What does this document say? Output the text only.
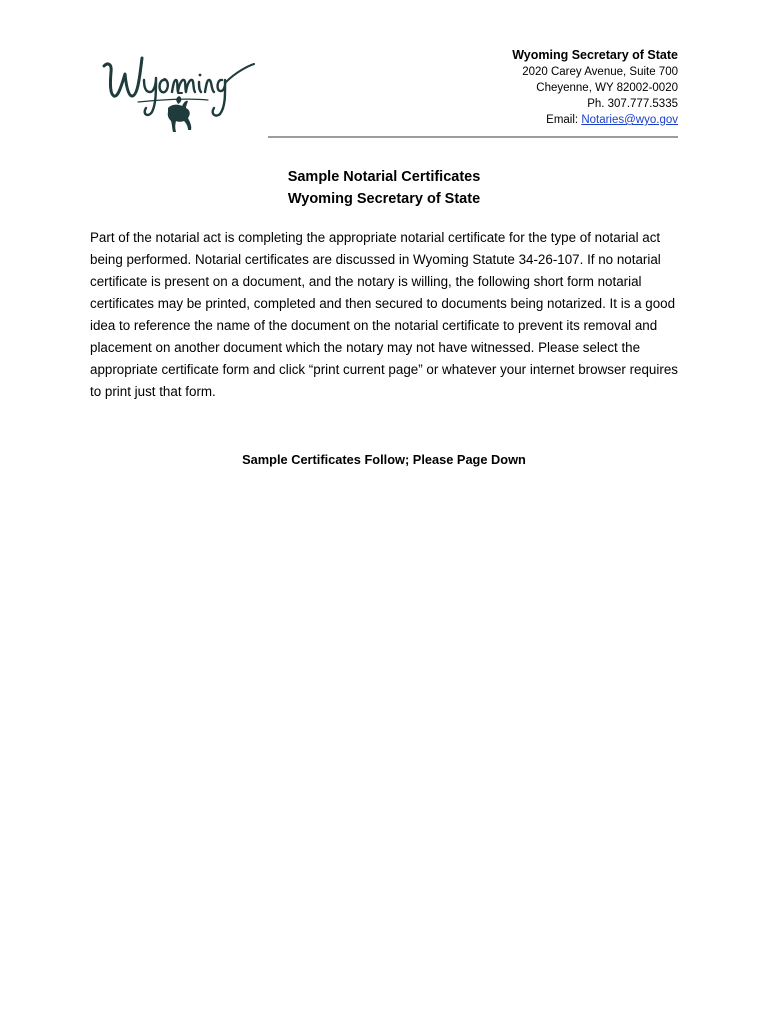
Wyoming Secretary of State
2020 Carey Avenue, Suite 700
Cheyenne, WY 82002-0020
Ph. 307.777.5335
Email: Notaries@wyo.gov
Sample Notarial Certificates
Wyoming Secretary of State

Part of the notarial act is completing the appropriate notarial certificate for the type of notarial act being performed. Notarial certificates are discussed in Wyoming Statute 34-26-107. If no notarial certificate is present on a document, and the notary is willing, the following short form notarial certificates may be printed, completed and then secured to documents being notarized. It is a good idea to reference the name of the document on the notarial certificate to prevent its removal and placement on another document which the notary may not have witnessed. Please select the appropriate certificate form and click “print current page” or whatever your internet browser requires to print just that form.

Sample Certificates Follow; Please Page Down
